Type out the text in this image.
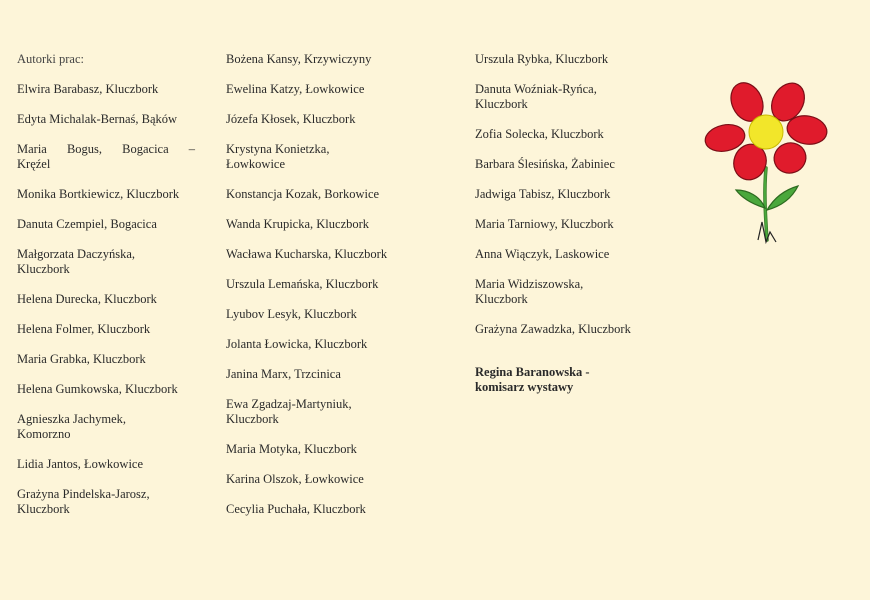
Autorki prac:
Elwira Barabasz, Kluczbork
Edyta Michalak-Bernaś, Bąków
Maria Bogus, Bogacica –
Kręźel
Monika Bortkiewicz, Kluczbork
Danuta Czempiel, Bogacica
Małgorzata Daczyńska,
Kluczbork
Helena Durecka, Kluczbork
Helena Folmer, Kluczbork
Maria Grabka, Kluczbork
Helena Gumkowska, Kluczbork
Agnieszka Jachymek,
Komorzno
Lidia Jantos, Łowkowice
Grażyna Pindelska-Jarosz,
Kluczbork
Bożena Kansy, Krzywiczyny
Ewelina Katzy, Łowkowice
Józefa Kłosek, Kluczbork
Krystyna Konietzka,
Łowkowice
Konstancja Kozak, Borkowice
Wanda Krupicka, Kluczbork
Wacława Kucharska, Kluczbork
Urszula Lemańska, Kluczbork
Lyubov Lesyk, Kluczbork
Jolanta Łowicka, Kluczbork
Janina Marx, Trzcinica
Ewa Zgadzaj-Martyniuk,
Kluczbork
Maria Motyka, Kluczbork
Karina Olszok, Łowkowice
Cecylia Puchała, Kluczbork
Urszula Rybka, Kluczbork
Danuta Woźniak-Ryńca,
Kluczbork
Zofia Solecka, Kluczbork
Barbara Ślesińska, Żabiniec
Jadwiga Tabisz, Kluczbork
Maria Tarniowy, Kluczbork
Anna Wiączyk, Laskowice
Maria Widziszowska,
Kluczbork
Grażyna Zawadzka, Kluczbork
Regina Baranowska -
komisarz wystawy
